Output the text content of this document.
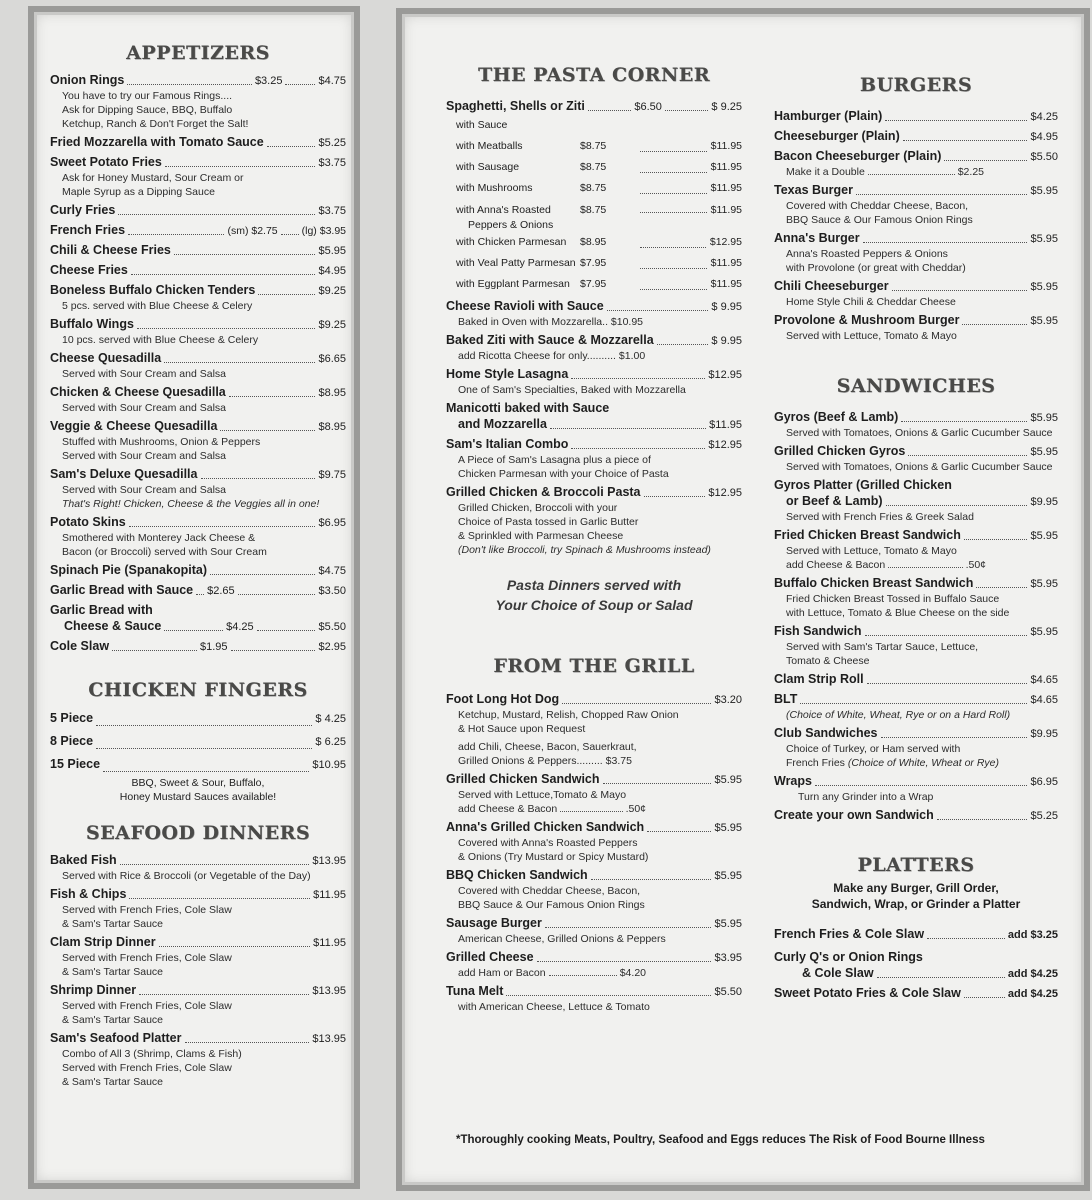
APPETIZERS
Onion Rings	$3.25	$4.75
You have to try our Famous Rings....
Ask for Dipping Sauce, BBQ, Buffalo
Ketchup, Ranch & Don't Forget the Salt!
Fried Mozzarella with Tomato Sauce	$5.25
Sweet Potato Fries	$3.75
Ask for Honey Mustard, Sour Cream or
Maple Syrup as a Dipping Sauce
Curly Fries	$3.75
French Fries	(sm) $2.75 (lg) $3.95
Chili & Cheese Fries	$5.95
Cheese Fries	$4.95
Boneless Buffalo Chicken Tenders	$9.25
5 pcs. served with Blue Cheese & Celery
Buffalo Wings	$9.25
10 pcs. served with Blue Cheese & Celery
Cheese Quesadilla	$6.65
Served with Sour Cream and Salsa
Chicken & Cheese Quesadilla	$8.95
Served with Sour Cream and Salsa
Veggie & Cheese Quesadilla	$8.95
Stuffed with Mushrooms, Onion & Peppers
Served with Sour Cream and Salsa
Sam's Deluxe Quesadilla	$9.75
Served with Sour Cream and Salsa
That's Right! Chicken, Cheese & the Veggies all in one!
Potato Skins	$6.95
Smothered with Monterey Jack Cheese &
Bacon (or Broccoli) served with Sour Cream
Spinach Pie (Spanakopita)	$4.75
Garlic Bread with Sauce $2.65	$3.50
Garlic Bread with
Cheese & Sauce	$4.25	$5.50
Cole Slaw	$1.95	$2.95
CHICKEN FINGERS
5 Piece	$ 4.25
8 Piece	$ 6.25
15 Piece	$10.95
BBQ, Sweet & Sour, Buffalo,
Honey Mustard Sauces available!
SEAFOOD DINNERS
Baked Fish	$13.95
Served with Rice & Broccoli (or Vegetable of the Day)
Fish & Chips	$11.95
Served with French Fries, Cole Slaw
& Sam's Tartar Sauce
Clam Strip Dinner	$11.95
Served with French Fries, Cole Slaw
& Sam's Tartar Sauce
Shrimp Dinner	$13.95
Served with French Fries, Cole Slaw
& Sam's Tartar Sauce
Sam's Seafood Platter	$13.95
Combo of All 3 (Shrimp, Clams & Fish)
Served with French Fries, Cole Slaw
& Sam's Tartar Sauce
THE PASTA CORNER
Spaghetti, Shells or Ziti	$6.50	$ 9.25
with Sauce
with Meatballs	$8.75	$11.95
with Sausage	$8.75	$11.95
with Mushrooms	$8.75	$11.95
with Anna's Roasted	$8.75	$11.95
Peppers & Onions
with Chicken Parmesan	$8.95	$12.95
with Veal Patty Parmesan $7.95	$11.95
with Eggplant Parmesan $7.95	$11.95
Cheese Ravioli with Sauce	$ 9.95
Baked in Oven with Mozzarella.. $10.95
Baked Ziti with Sauce & Mozzarella	$ 9.95
add Ricotta Cheese for only.......... $1.00
Home Style Lasagna	$12.95
One of Sam's Specialties, Baked with Mozzarella
Manicotti baked with Sauce
and Mozzarella	$11.95
Sam's Italian Combo	$12.95
A Piece of Sam's Lasagna plus a piece of
Chicken Parmesan with your Choice of Pasta
Grilled Chicken & Broccoli Pasta	$12.95
Grilled Chicken, Broccoli with your
Choice of Pasta tossed in Garlic Butter
& Sprinkled with Parmesan Cheese
(Don't like Broccoli, try Spinach & Mushrooms instead)
Pasta Dinners served with
Your Choice of Soup or Salad
FROM THE GRILL
Foot Long Hot Dog	$3.20
Ketchup, Mustard, Relish, Chopped Raw Onion
& Hot Sauce upon Request
add Chili, Cheese, Bacon, Sauerkraut,
Grilled Onions & Peppers......... $3.75
Grilled Chicken Sandwich	$5.95
Served with Lettuce,Tomato & Mayo
add Cheese & Bacon	.50¢
Anna's Grilled Chicken Sandwich	$5.95
Covered with Anna's Roasted Peppers
& Onions (Try Mustard or Spicy Mustard)
BBQ Chicken Sandwich	$5.95
Covered with Cheddar Cheese, Bacon,
BBQ Sauce & Our Famous Onion Rings
Sausage Burger	$5.95
American Cheese, Grilled Onions & Peppers
Grilled Cheese	$3.95
add Ham or Bacon	$4.20
Tuna Melt	$5.50
with American Cheese, Lettuce & Tomato
BURGERS
Hamburger (Plain)	$4.25
Cheeseburger (Plain)	$4.95
Bacon Cheeseburger (Plain)	$5.50
Make it a Double	$2.25
Texas Burger	$5.95
Covered with Cheddar Cheese, Bacon,
BBQ Sauce & Our Famous Onion Rings
Anna's Burger	$5.95
Anna's Roasted Peppers & Onions
with Provolone (or great with Cheddar)
Chili Cheeseburger	$5.95
Home Style Chili & Cheddar Cheese
Provolone & Mushroom Burger	$5.95
Served with Lettuce, Tomato & Mayo
SANDWICHES
Gyros (Beef & Lamb)	$5.95
Served with Tomatoes, Onions & Garlic Cucumber Sauce
Grilled Chicken Gyros	$5.95
Served with Tomatoes, Onions & Garlic Cucumber Sauce
Gyros Platter (Grilled Chicken
or Beef & Lamb)	$9.95
Served with French Fries & Greek Salad
Fried Chicken Breast Sandwich	$5.95
Served with Lettuce, Tomato & Mayo
add Cheese & Bacon	.50¢
Buffalo Chicken Breast Sandwich	$5.95
Fried Chicken Breast Tossed in Buffalo Sauce
with Lettuce, Tomato & Blue Cheese on the side
Fish Sandwich	$5.95
Served with Sam's Tartar Sauce, Lettuce,
Tomato & Cheese
Clam Strip Roll	$4.65
BLT	$4.65
(Choice of White, Wheat, Rye or on a Hard Roll)
Club Sandwiches	$9.95
Choice of Turkey, or Ham served with
French Fries (Choice of White, Wheat or Rye)
Wraps	$6.95
Turn any Grinder into a Wrap
Create your own Sandwich	$5.25
PLATTERS
Make any Burger, Grill Order,
Sandwich, Wrap, or Grinder a Platter
French Fries & Cole Slaw	add $3.25
Curly Q's or Onion Rings
& Cole Slaw	add $4.25
Sweet Potato Fries & Cole Slaw	add $4.25
*Thoroughly cooking Meats, Poultry, Seafood and Eggs reduces The Risk of Food Bourne Illness
